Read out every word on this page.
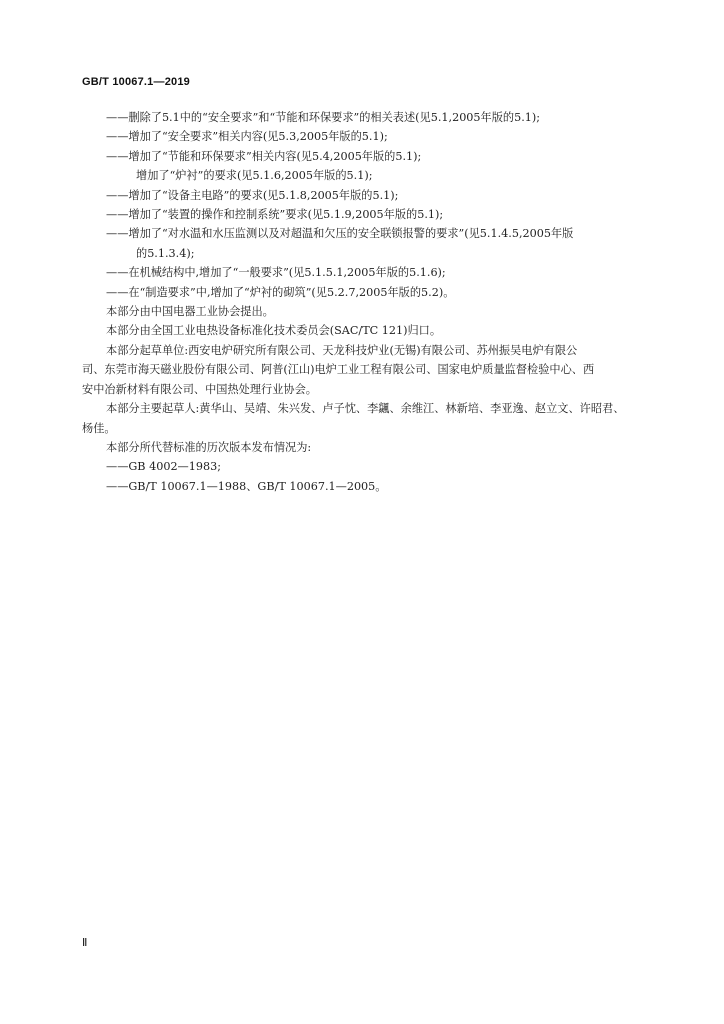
GB/T 10067.1—2019

——删除了5.1中的“安全要求”和“节能和环保要求”的相关表述(见5.1,2005年版的5.1);

——增加了“安全要求”相关内容(见5.3,2005年版的5.1);

——增加了“节能和环保要求”相关内容(见5.4,2005年版的5.1);

增加了“炉衬”的要求(见5.1.6,2005年版的5.1);

——增加了“设备主电路”的要求(见5.1.8,2005年版的5.1);

——增加了“装置的操作和控制系统”要求(见5.1.9,2005年版的5.1);

——增加了“对水温和水压监测以及对超温和欠压的安全联锁报警的要求”(见5.1.4.5,2005年版

的5.1.3.4);

——在机械结构中,增加了“一般要求”(见5.1.5.1,2005年版的5.1.6);

——在“制造要求”中,增加了“炉衬的砌筑”(见5.2.7,2005年版的5.2)。

本部分由中国电器工业协会提出。

本部分由全国工业电热设备标准化技术委员会(SAC/TC 121)归口。

本部分起草单位:西安电炉研究所有限公司、天龙科技炉业(无锡)有限公司、苏州振吴电炉有限公

司、东莞市海天磁业股份有限公司、阿普(江山)电炉工业工程有限公司、国家电炉质量监督检验中心、西

安中冶新材料有限公司、中国热处理行业协会。

本部分主要起草人:黄华山、吴靖、朱兴发、卢子忱、李飊、余维江、林新培、李亚逸、赵立文、许昭君、

杨佳。

本部分所代替标准的历次版本发布情况为:

——GB 4002—1983;

——GB/T 10067.1—1988、GB/T 10067.1—2005。

Ⅱ
